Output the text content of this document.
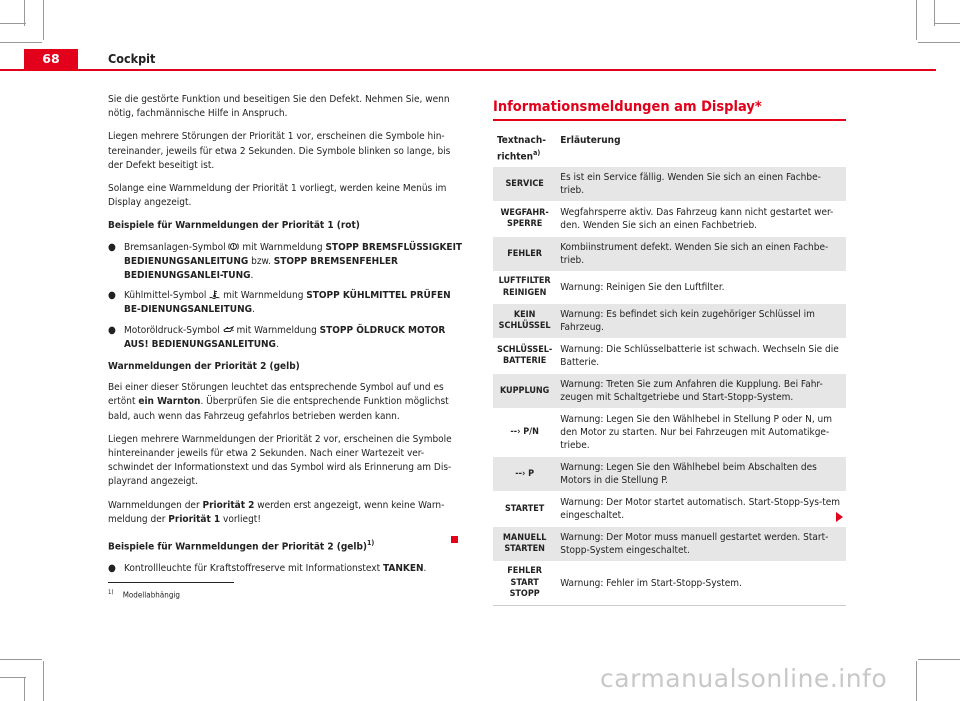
68	Cockpit

Sie die gestörte Funktion und beseitigen Sie den Defekt. Nehmen Sie, wenn nötig, fachmännische Hilfe in Anspruch.

Liegen mehrere Störungen der Priorität 1 vor, erscheinen die Symbole hin-tereinander, jeweils für etwa 2 Sekunden. Die Symbole blinken so lange, bis der Defekt beseitigt ist.

Solange eine Warnmeldung der Priorität 1 vorliegt, werden keine Menüs im Display angezeigt.

Beispiele für Warnmeldungen der Priorität 1 (rot)

● Bremsanlagen-Symbol mit Warnmeldung STOPP BREMSFLÜSSIGKEIT BEDIENUNGSANLEITUNG bzw. STOPP BREMSENFEHLER BEDIENUNGSANLEI-TUNG.

● Kühlmittel-Symbol mit Warnmeldung STOPP KÜHLMITTEL PRÜFEN BE-DIENUNGSANLEITUNG.

● Motoröldruck-Symbol mit Warnmeldung STOPP ÖLDRUCK MOTOR AUS! BEDIENUNGSANLEITUNG.

Warnmeldungen der Priorität 2 (gelb)

Bei einer dieser Störungen leuchtet das entsprechende Symbol auf und es ertönt ein Warnton. Überprüfen Sie die entsprechende Funktion möglichst bald, auch wenn das Fahrzeug gefahrlos betrieben werden kann.

Liegen mehrere Warnmeldungen der Priorität 2 vor, erscheinen die Symbole hintereinander jeweils für etwa 2 Sekunden. Nach einer Wartezeit ver-schwindet der Informationstext und das Symbol wird als Erinnerung am Dis-playrand angezeigt.

Warnmeldungen der Priorität 2 werden erst angezeigt, wenn keine Warn-meldung der Priorität 1 vorliegt!

Beispiele für Warnmeldungen der Priorität 2 (gelb)$^{1)}$

● Kontrollleuchte für Kraftstoffreserve mit Informationstext TANKEN.

Informationsmeldungen am Display*
Textnach-richten$^{a)}$	Erläuterung
SERVICE	Es ist ein Service fällig. Wenden Sie sich an einen Fachbe-trieb.
WEGFAHR-SPERRE	Wegfahrsperre aktiv. Das Fahrzeug kann nicht gestartet wer-den. Wenden Sie sich an einen Fachbetrieb.
FEHLER	Kombiinstrument defekt. Wenden Sie sich an einen Fachbe-trieb.
LUFTFILTER REINIGEN	Warnung: Reinigen Sie den Luftfilter.
KEIN SCHLÜSSEL	Warnung: Es befindet sich kein zugehöriger Schlüssel im Fahrzeug.
SCHLÜSSEL-BATTERIE	Warnung: Die Schlüsselbatterie ist schwach. Wechseln Sie die Batterie.
KUPPLUNG	Warnung: Treten Sie zum Anfahren die Kupplung. Bei Fahr-zeugen mit Schaltgetriebe und Start-Stopp-System.
--› P/N	Warnung: Legen Sie den Wählhebel in Stellung P oder N, um den Motor zu starten. Nur bei Fahrzeugen mit Automatikge-triebe.
--› P	Warnung: Legen Sie den Wählhebel beim Abschalten des Motors in die Stellung P.
STARTET	Warnung: Der Motor startet automatisch. Start-Stopp-Sys-tem eingeschaltet.
MANUELL STARTEN	Warnung: Der Motor muss manuell gestartet werden. Start-Stopp-System eingeschaltet.
FEHLER START STOPP	Warnung: Fehler im Start-Stopp-System.
$^{1)}$ Modellabhängig
carmanualsonline.info
